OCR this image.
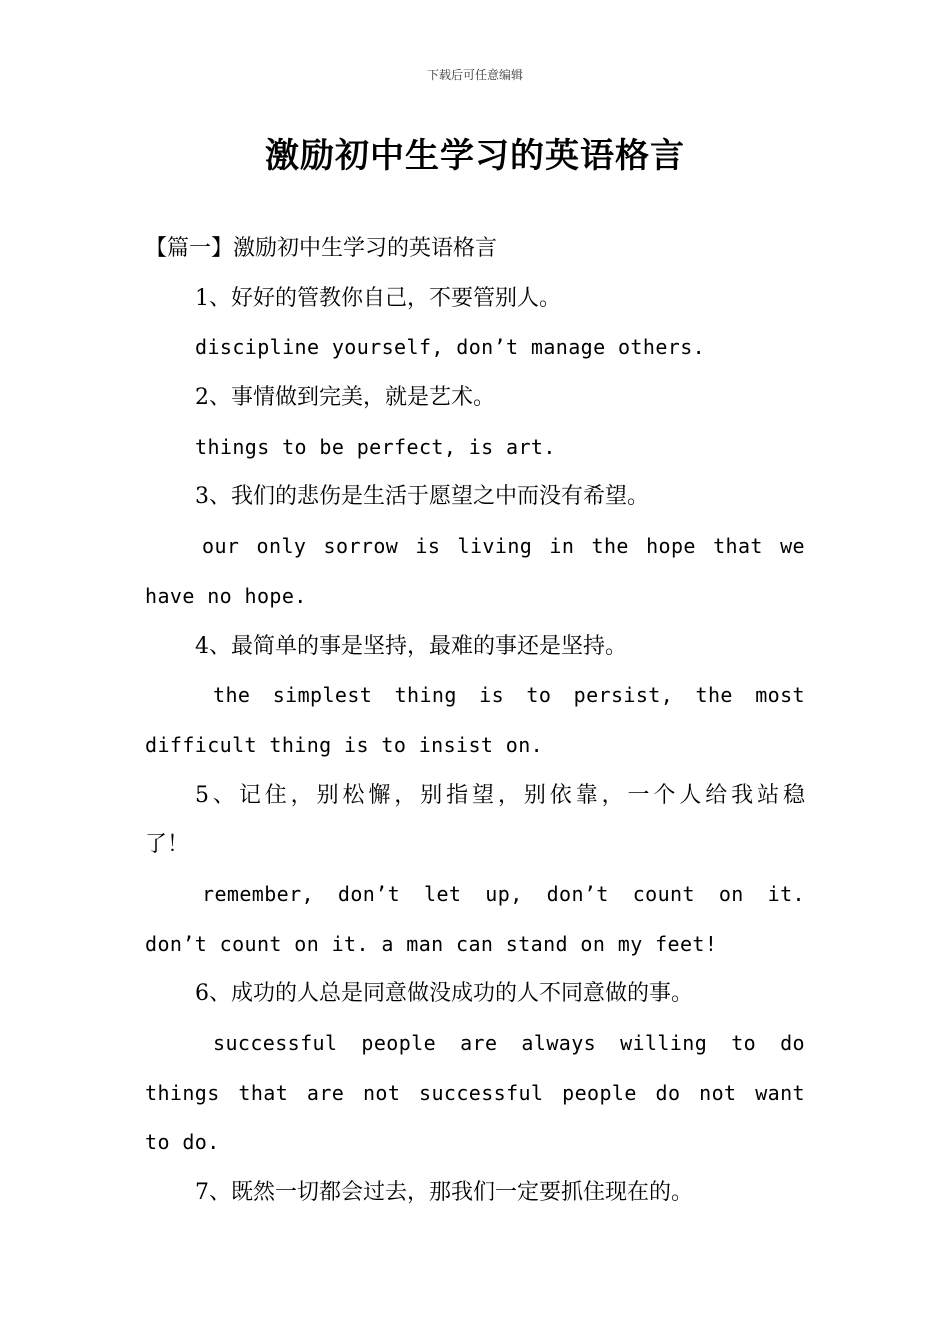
下载后可任意编辑
激励初中生学习的英语格言
【篇一】激励初中生学习的英语格言
1、好好的管教你自己，不要管别人。
discipline yourself, don’t manage others.
2、事情做到完美，就是艺术。
things to be perfect, is art.
3、我们的悲伤是生活于愿望之中而没有希望。
our only sorrow is living in the hope that we
have no hope.
4、最简单的事是坚持，最难的事还是坚持。
the simplest thing is to persist, the most
difficult thing is to insist on.
5、记住，别松懈，别指望，别依靠，一个人给我站稳
了！
remember, don’t let up, don’t count on it.
don’t count on it. a man can stand on my feet!
6、成功的人总是同意做没成功的人不同意做的事。
successful people are always willing to do
things that are not successful people do not want
to do.
7、既然一切都会过去，那我们一定要抓住现在的。
